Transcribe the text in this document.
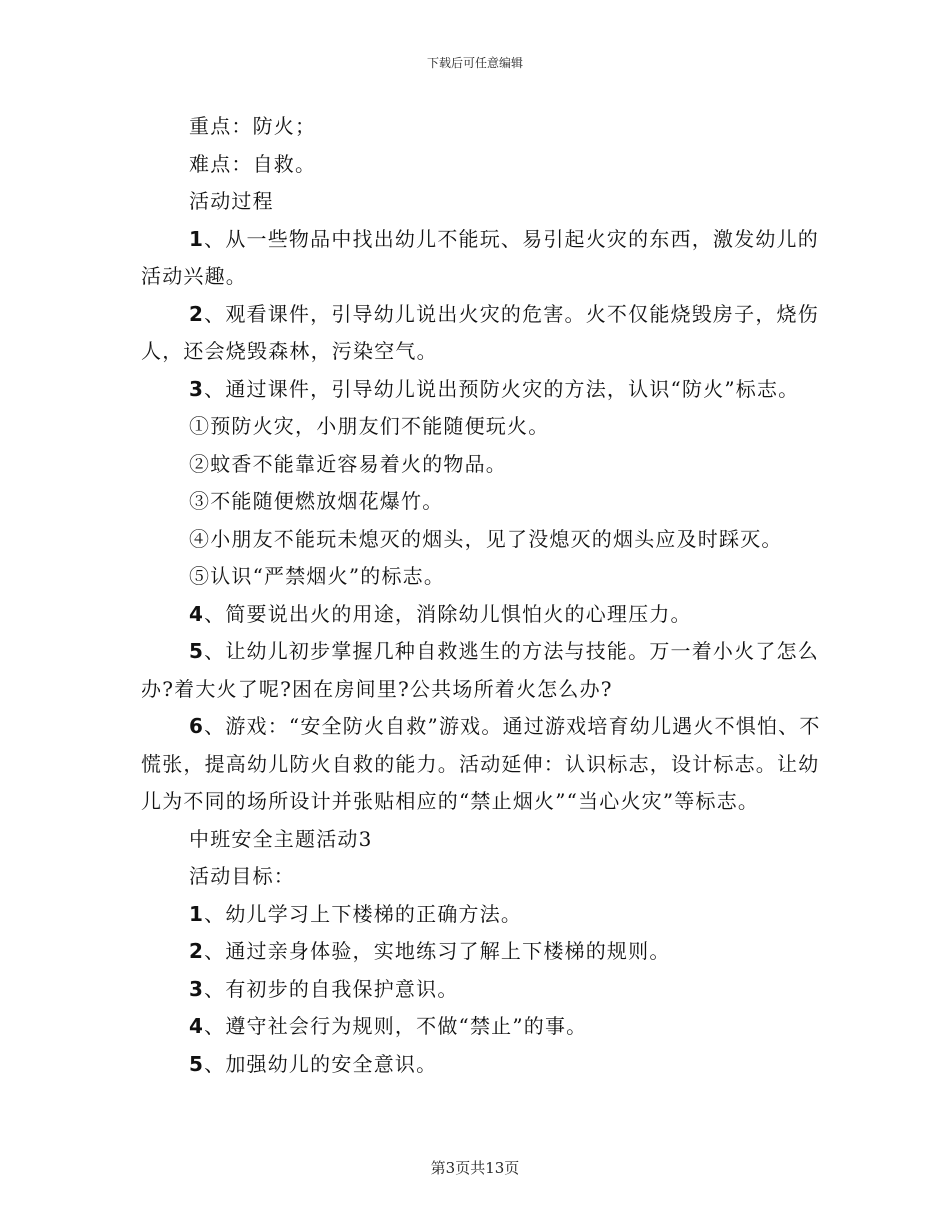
下载后可任意编辑

重点：防火；

难点：自救。

活动过程

1、从一些物品中找出幼儿不能玩、易引起火灾的东西，激发幼儿的活动兴趣。

2、观看课件，引导幼儿说出火灾的危害。火不仅能烧毁房子，烧伤人，还会烧毁森林，污染空气。

3、通过课件，引导幼儿说出预防火灾的方法，认识“防火”标志。

①预防火灾，小朋友们不能随便玩火。

②蚊香不能靠近容易着火的物品。

③不能随便燃放烟花爆竹。

④小朋友不能玩未熄灭的烟头，见了没熄灭的烟头应及时踩灭。

⑤认识“严禁烟火”的标志。

4、简要说出火的用途，消除幼儿惧怕火的心理压力。

5、让幼儿初步掌握几种自救逃生的方法与技能。万一着小火了怎么办?着大火了呢?困在房间里?公共场所着火怎么办?

6、游戏：“安全防火自救”游戏。通过游戏培育幼儿遇火不惧怕、不慌张，提高幼儿防火自救的能力。活动延伸：认识标志，设计标志。让幼儿为不同的场所设计并张贴相应的“禁止烟火”“当心火灾”等标志。

中班安全主题活动3

活动目标：

1、幼儿学习上下楼梯的正确方法。

2、通过亲身体验，实地练习了解上下楼梯的规则。

3、有初步的自我保护意识。

4、遵守社会行为规则，不做“禁止”的事。

5、加强幼儿的安全意识。

第3页共13页
